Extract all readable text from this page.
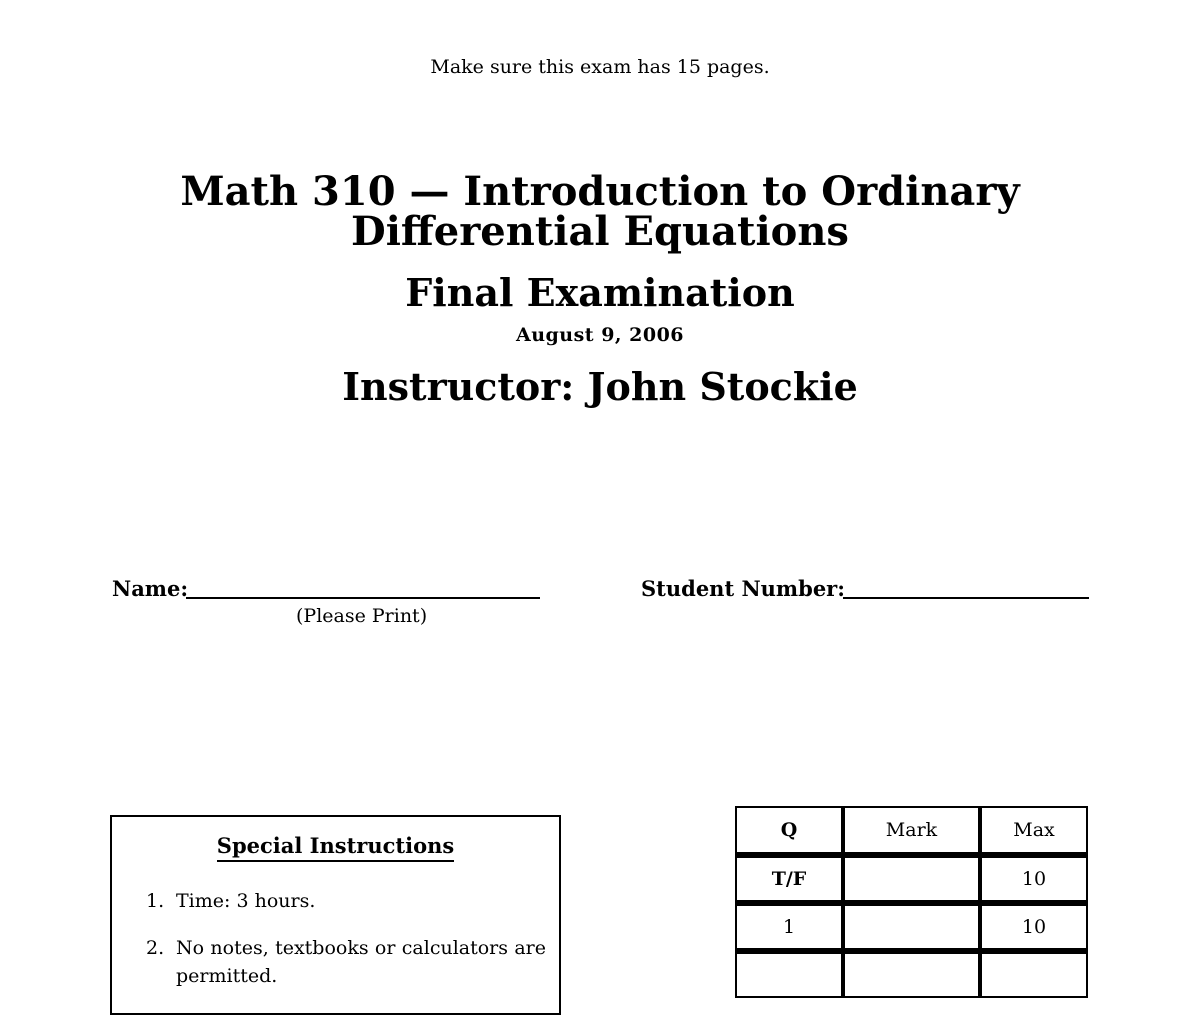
Make sure this exam has 15 pages.
Math 310 — Introduction to Ordinary
Differential Equations
Final Examination
August 9, 2006
Instructor: John Stockie
Name:
(Please Print)
Student Number:
Special Instructions
1. Time: 3 hours.
2. No notes, textbooks or calculators are permitted.
Q	Mark	Max
T/F		10
1		10
